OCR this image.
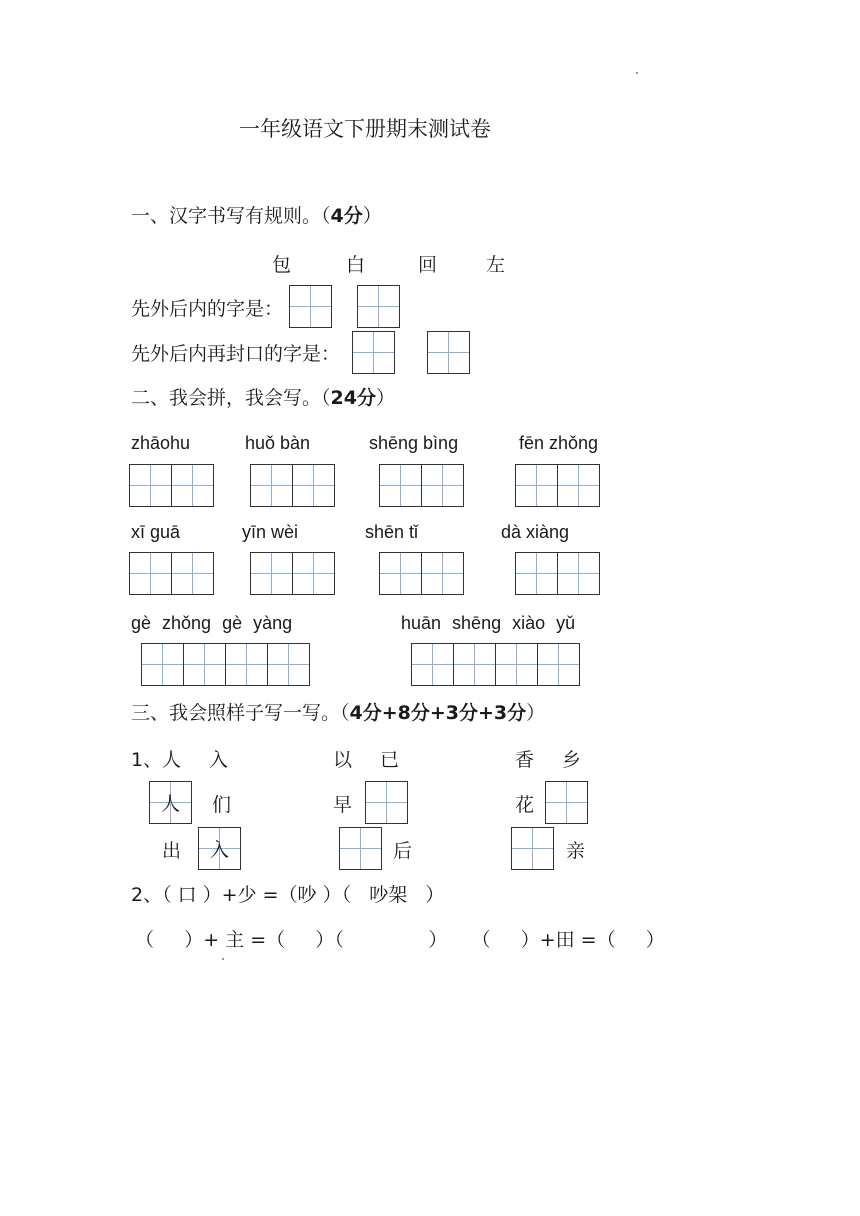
一年级语文下册期末测试卷
一、汉字书写有规则。（4分）
包	白	回	左
先外后内的字是：
先外后内再封口的字是：
二、我会拼，我会写。（24分）
zhāohu	huǒ bàn	shēng bìng	fēn zhǒng
xī guā	yīn wèi	shēn tǐ	dà xiàng
gè zhǒng gè yàng	huān shēng xiào yǔ
三、我会照样子写一写。（4分+8分+3分+3分）
1、 人 入	以 已	香 乡
人	们	早	花
出	入	后	亲
2、（ 口 ）+少 =（吵 ）（   吵架   ）
（     ）+ 主 =（     ）（              ）    （     ）+田 =（     ）
